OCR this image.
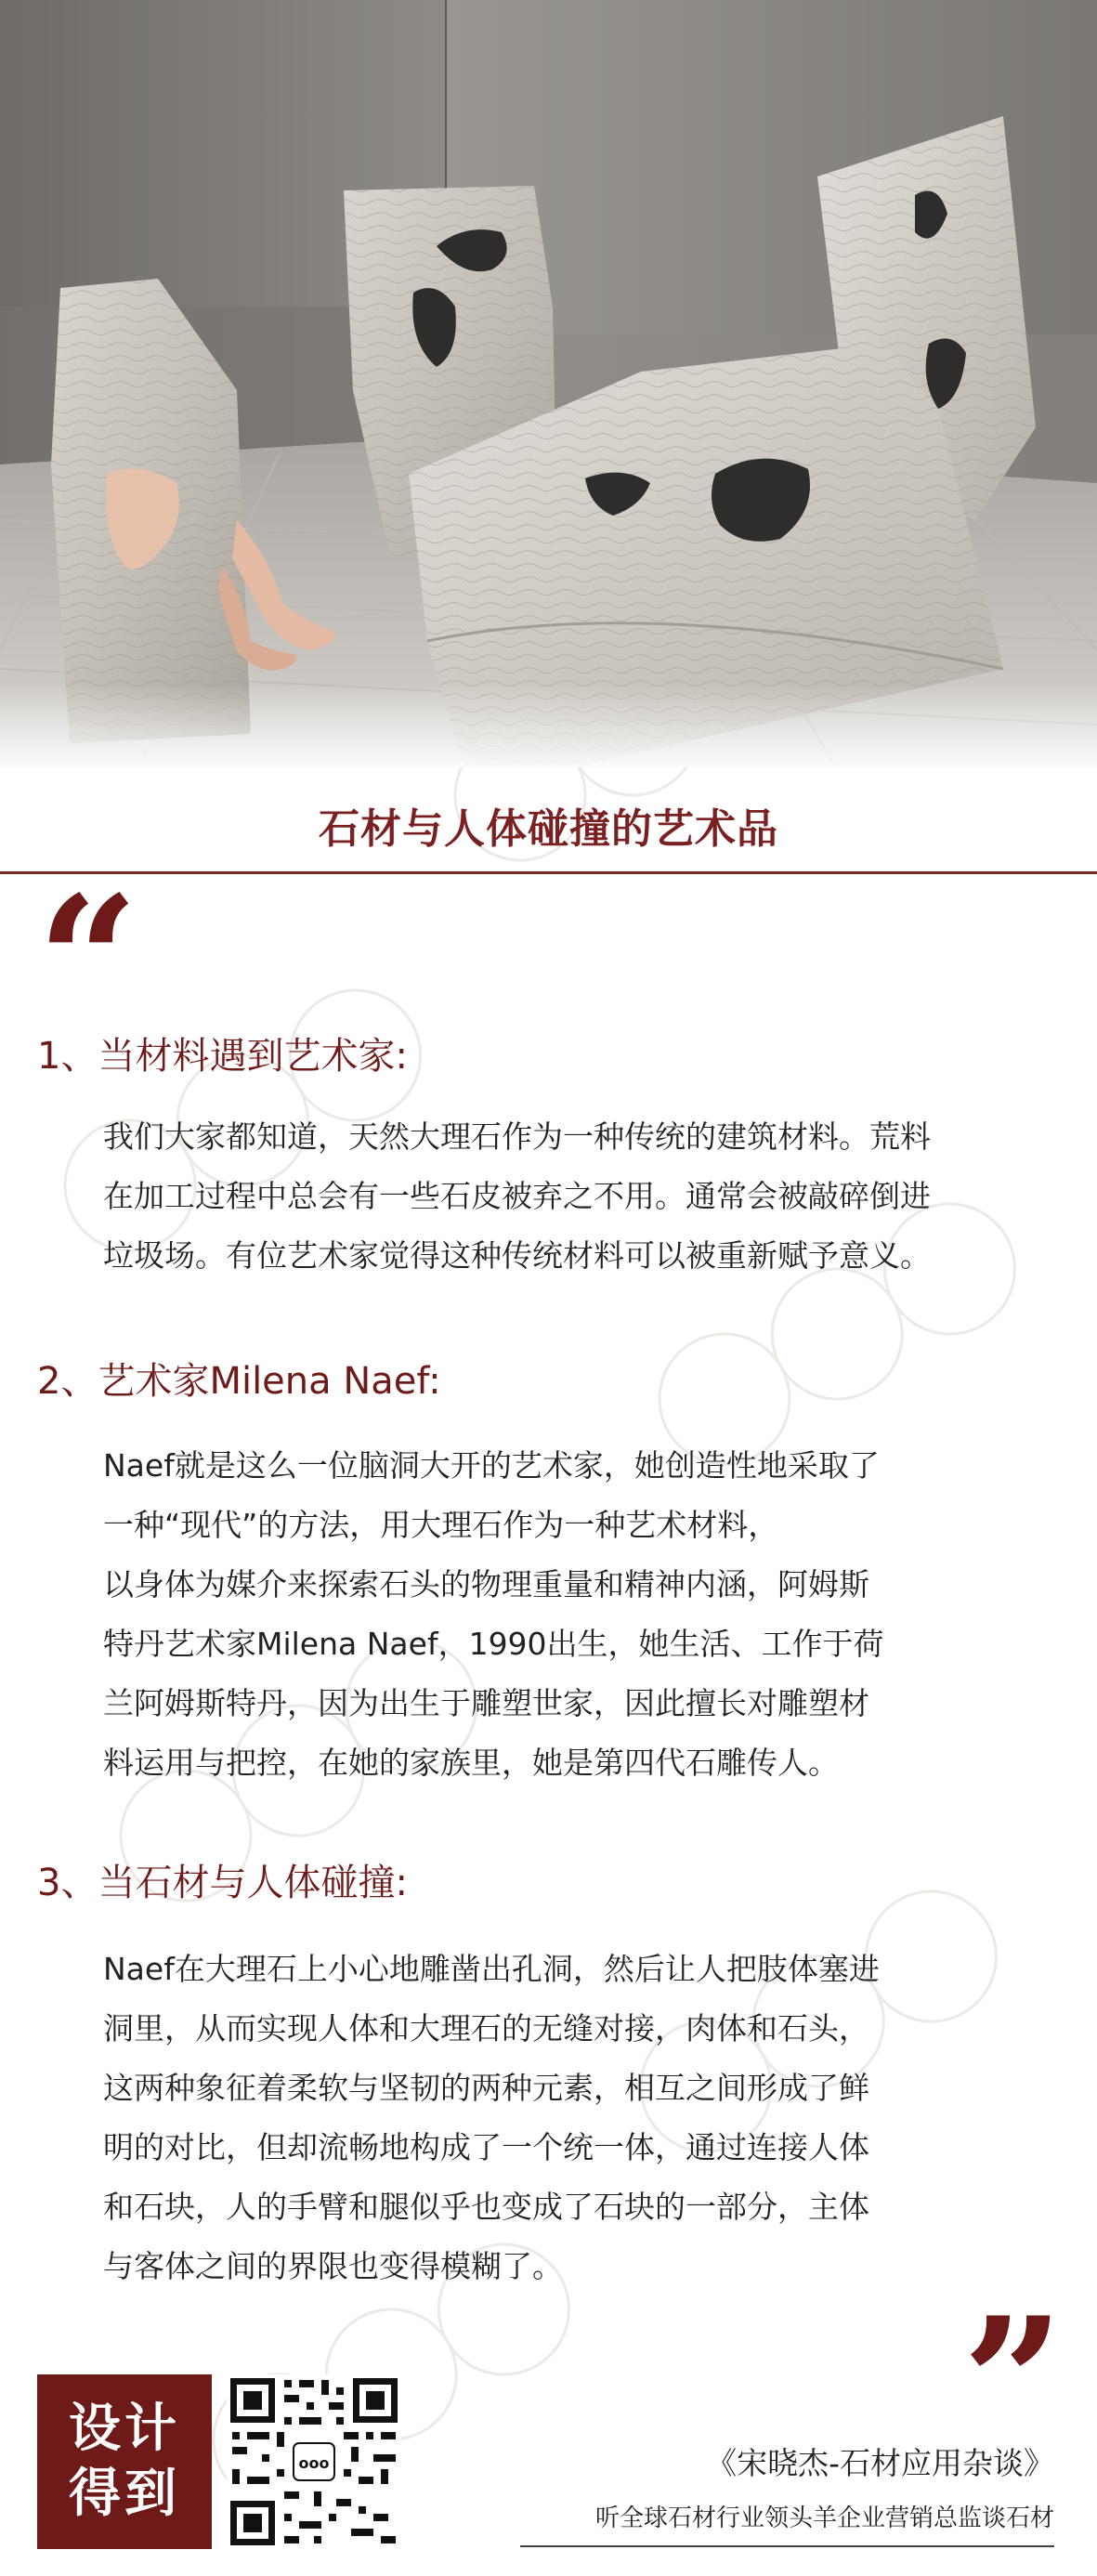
石材与人体碰撞的艺术品
“
1、当材料遇到艺术家:
我们大家都知道，天然大理石作为一种传统的建筑材料。荒料
在加工过程中总会有一些石皮被弃之不用。通常会被敲碎倒进
垃圾场。有位艺术家觉得这种传统材料可以被重新赋予意义。
2、艺术家Milena Naef:
Naef就是这么一位脑洞大开的艺术家，她创造性地采取了
一种“现代”的方法，用大理石作为一种艺术材料，
以身体为媒介来探索石头的物理重量和精神内涵，阿姆斯
特丹艺术家Milena Naef，1990出生，她生活、工作于荷
兰阿姆斯特丹，因为出生于雕塑世家，因此擅长对雕塑材
料运用与把控，在她的家族里，她是第四代石雕传人。
3、当石材与人体碰撞:
Naef在大理石上小心地雕凿出孔洞，然后让人把肢体塞进
洞里，从而实现人体和大理石的无缝对接，肉体和石头，
这两种象征着柔软与坚韧的两种元素，相互之间形成了鲜
明的对比，但却流畅地构成了一个统一体，通过连接人体
和石块，人的手臂和腿似乎也变成了石块的一部分，主体
与客体之间的界限也变得模糊了。
”
设计
得到
ooo	《宋晓杰-石材应用杂谈》
听全球石材行业领头羊企业营销总监谈石材
